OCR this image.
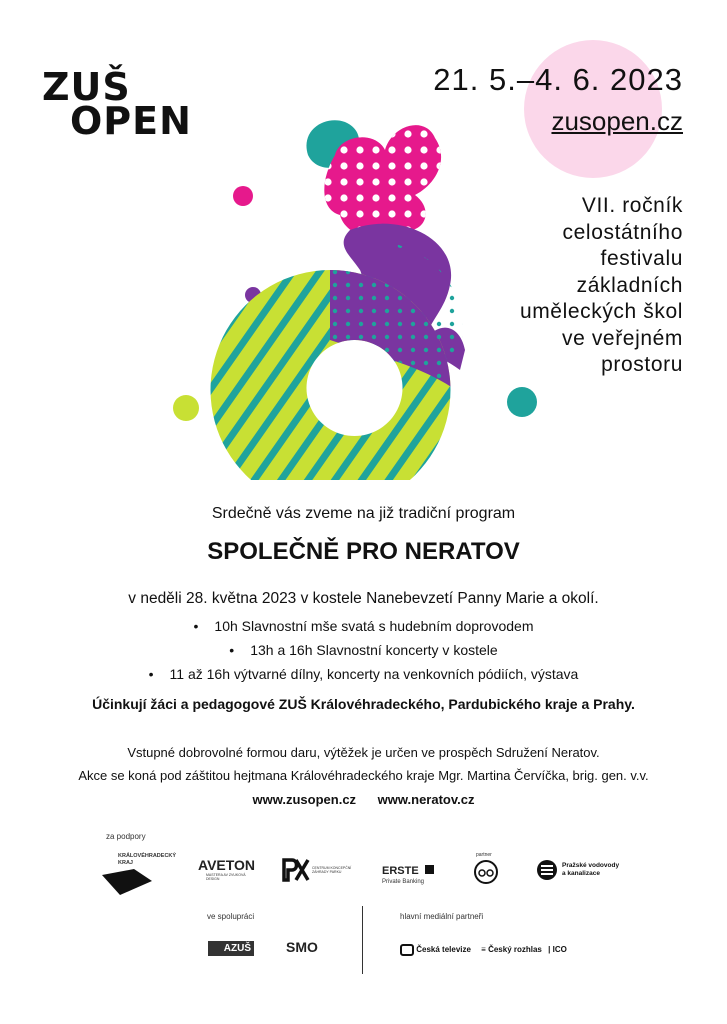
ZUŠ
OPEN
21. 5.–4. 6. 2023
zusopen.cz
VII. ročník
celostátního
festivalu
základních
uměleckých škol
ve veřejném
prostoru
Srdečně vás zveme na již tradiční program
SPOLEČNĚ PRO NERATOV
v neděli 28. května 2023 v kostele Nanebevzetí Panny Marie a okolí.
• 10h Slavnostní mše svatá s hudebním doprovodem
• 13h a 16h Slavnostní koncerty v kostele
• 11 až 16h výtvarné dílny, koncerty na venkovních pódiích, výstava
Účinkují žáci a pedagogové ZUŠ Královéhradeckého, Pardubického kraje a Prahy.
Vstupné dobrovolné formou daru, výtěžek je určen ve prospěch Sdružení Neratov.
Akce se koná pod záštitou hejtmana Královéhradeckého kraje Mgr. Martina Červíčka, brig. gen. v.v.
www.zusopen.cz www.neratov.cz
za podpory
KRÁLOVÉHRADECKÝ
KRAJ	AVETON
MASTERA AV ZVUKOVÁ DESIGN
CENTRUM KONCEPČNÍ ZÁHRADY PARKU	ERSTE
Private Banking
partner
Pražské vodovody
a kanalizace
ve spolupráci	hlavní mediální partneři
AZUŠ	SMO	Česká televize ≡ Český rozhlas | ICO
